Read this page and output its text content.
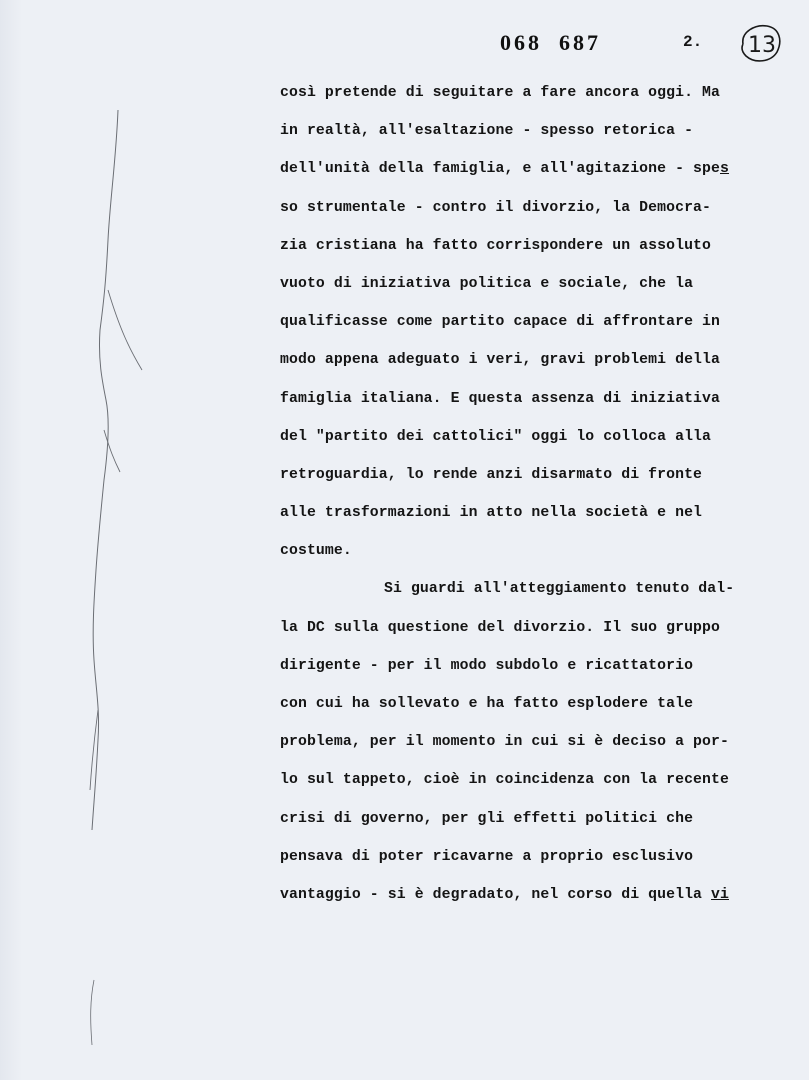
068  687	2. 13
così pretende di seguitare a fare ancora oggi. Ma
in realtà, all'esaltazione - spesso retorica -
dell'unità della famiglia, e all'agitazione - spes
so strumentale - contro il divorzio, la Democra-
zia cristiana ha fatto corrispondere un assoluto
vuoto di iniziativa politica e sociale, che la
qualificasse come partito capace di affrontare in
modo appena adeguato i veri, gravi problemi della
famiglia italiana. E questa assenza di iniziativa
del "partito dei cattolici" oggi lo colloca alla
retroguardia, lo rende anzi disarmato di fronte
alle trasformazioni in atto nella società e nel
costume.
Si guardi all'atteggiamento tenuto dal-
la DC sulla questione del divorzio. Il suo gruppo
dirigente - per il modo subdolo e ricattatorio
con cui ha sollevato e ha fatto esplodere tale
problema, per il momento in cui si è deciso a por-
lo sul tappeto, cioè in coincidenza con la recente
crisi di governo, per gli effetti politici che
pensava di poter ricavarne a proprio esclusivo
vantaggio - si è degradato, nel corso di quella vi
